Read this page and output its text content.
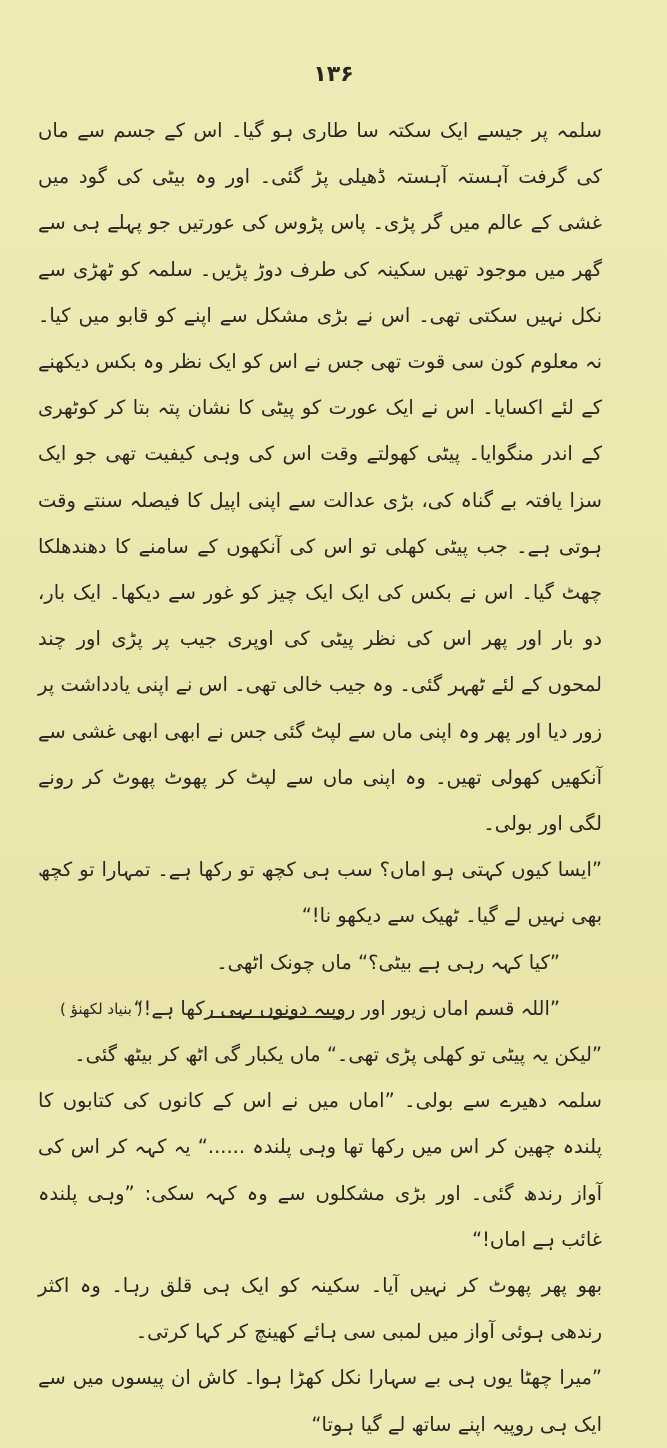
۱۳۶

سلمہ پر جیسے ایک سکتہ سا طاری ہو گیا۔ اس کے جسم سے ماں کی گرفت آہستہ آہستہ ڈھیلی پڑ گئی۔ اور وہ بیٹی کی گود میں غشی کے عالم میں گر پڑی۔ پاس پڑوس کی عورتیں جو پہلے ہی سے گھر میں موجود تھیں سکینہ کی طرف دوڑ پڑیں۔ سلمہ کو ٹھڑی سے نکل نہیں سکتی تھی۔ اس نے بڑی مشکل سے اپنے کو قابو میں کیا۔ نہ معلوم کون سی قوت تھی جس نے اس کو ایک نظر وہ بکس دیکھنے کے لئے اکسایا۔ اس نے ایک عورت کو پیٹی کا نشان پتہ بتا کر کوٹھری کے اندر منگوایا۔ پیٹی کھولتے وقت اس کی وہی کیفیت تھی جو ایک سزا یافتہ بے گناہ کی، بڑی عدالت سے اپنی اپیل کا فیصلہ سنتے وقت ہوتی ہے۔ جب پیٹی کھلی تو اس کی آنکھوں کے سامنے کا دھندھلکا چھٹ گیا۔ اس نے بکس کی ایک ایک چیز کو غور سے دیکھا۔ ایک بار، دو بار اور پھر اس کی نظر پیٹی کی اوپری جیب پر پڑی اور چند لمحوں کے لئے ٹھہر گئی۔ وہ جیب خالی تھی۔ اس نے اپنی یادداشت پر زور دیا اور پھر وہ اپنی ماں سے لپٹ گئی جس نے ابھی ابھی غشی سے آنکھیں کھولی تھیں۔ وہ اپنی ماں سے لپٹ کر پھوٹ پھوٹ کر رونے لگی اور بولی۔

”ایسا کیوں کہتی ہو اماں؟ سب ہی کچھ تو رکھا ہے۔ تمہارا تو کچھ بھی نہیں لے گیا۔ ٹھیک سے دیکھو نا!“

”کیا کہہ رہی ہے بیٹی؟“ ماں چونک اٹھی۔

”اللہ قسم اماں زیور اور روپیہ دونوں یہی رکھا ہے!“

”لیکن یہ پیٹی تو کھلی پڑی تھی۔“ ماں یکبار گی اٹھ کر بیٹھ گئی۔

سلمہ دھیرے سے بولی۔ ”اماں میں نے اس کے کانوں کی کتابوں کا پلندہ چھین کر اس میں رکھا تھا وہی پلندہ ......“ یہ کہہ کر اس کی آواز رندھ گئی۔ اور بڑی مشکلوں سے وہ کہہ سکی: ”وہی پلندہ غائب ہے اماں!“

بھو پھر پھوٹ کر نہیں آیا۔ سکینہ کو ایک ہی قلق رہا۔ وہ اکثر رندھی ہوئی آواز میں لمبی سی ہائے کھینچ کر کہا کرتی۔

”میرا چھٹا یوں ہی بے سہارا نکل کھڑا ہوا۔ کاش ان پیسوں میں سے ایک ہی روپیہ اپنے ساتھ لے گیا ہوتا“

( بنیاد لکھنؤ )
